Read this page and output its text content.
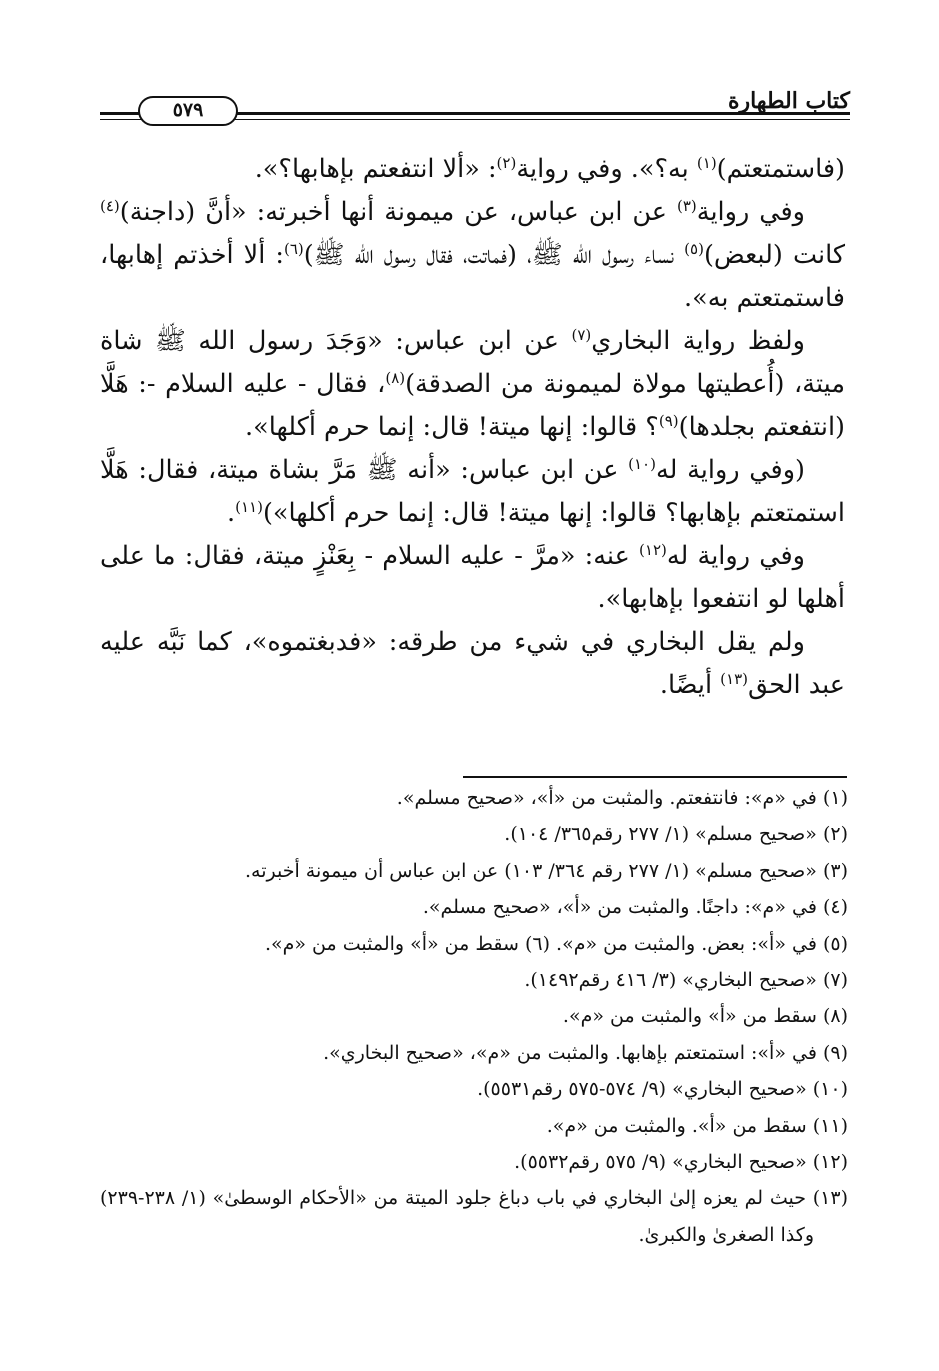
كتاب الطهارة
٥٧٩

(فاستمتعتم)$^{(١)}$ به؟». وفي رواية$^{(٢)}$: «ألا انتفعتم بإهابها؟».

وفي رواية$^{(٣)}$ عن ابن عباس، عن ميمونة أنها أخبرته: «أنَّ (داجنة)$^{(٤)}$ كانت (لبعض)$^{(٥)}$ نساء رسول الله ﷺ، (فماتت، فقال رسول الله ﷺ)$^{(٦)}$: ألا أخذتم إهابها، فاستمتعتم به».

ولفظ رواية البخاري$^{(٧)}$ عن ابن عباس: «وَجَدَ رسول الله ﷺ شاة ميتة، (أُعطيتها مولاة لميمونة من الصدقة)$^{(٨)}$، فقال - عليه السلام -: هَلَّا (انتفعتم بجلدها)$^{(٩)}$؟ قالوا: إنها ميتة! قال: إنما حرم أكلها».

(وفي رواية له$^{(١٠)}$ عن ابن عباس: «أنه ﷺ مَرَّ بشاة ميتة، فقال: هَلَّا استمتعتم بإهابها؟ قالوا: إنها ميتة! قال: إنما حرم أكلها»)$^{(١١)}$.

وفي رواية له$^{(١٢)}$ عنه: «مرَّ - عليه السلام - بِعَنْزٍ ميتة، فقال: ما على أهلها لو انتفعوا بإهابها».

ولم يقل البخاري في شيء من طرقه: «فدبغتموه»، كما نَبَّه عليه عبد الحق$^{(١٣)}$ أيضًا.

(١) في «م»: فانتفعتم. والمثبت من «أ»، «صحيح مسلم».
(٢) «صحيح مسلم» (١/ ٢٧٧ رقم٣٦٥/ ١٠٤).
(٣) «صحيح مسلم» (١/ ٢٧٧ رقم ٣٦٤/ ١٠٣) عن ابن عباس أن ميمونة أخبرته.
(٤) في «م»: داجنًا. والمثبت من «أ»، «صحيح مسلم».
(٥) في «أ»: بعض. والمثبت من «م». (٦) سقط من «أ» والمثبت من «م».
(٧) «صحيح البخاري» (٣/ ٤١٦ رقم١٤٩٢).
(٨) سقط من «أ» والمثبت من «م».
(٩) في «أ»: استمتعتم بإهابها. والمثبت من «م»، «صحيح البخاري».
(١٠) «صحيح البخاري» (٩/ ٥٧٤-٥٧٥ رقم٥٥٣١).
(١١) سقط من «أ». والمثبت من «م».
(١٢) «صحيح البخاري» (٩/ ٥٧٥ رقم٥٥٣٢).
(١٣) حيث لم يعزه إلىٰ البخاري في باب دباغ جلود الميتة من «الأحكام الوسطىٰ» (١/ ٢٣٨-٢٣٩) وكذا الصغرىٰ والكبرىٰ.
